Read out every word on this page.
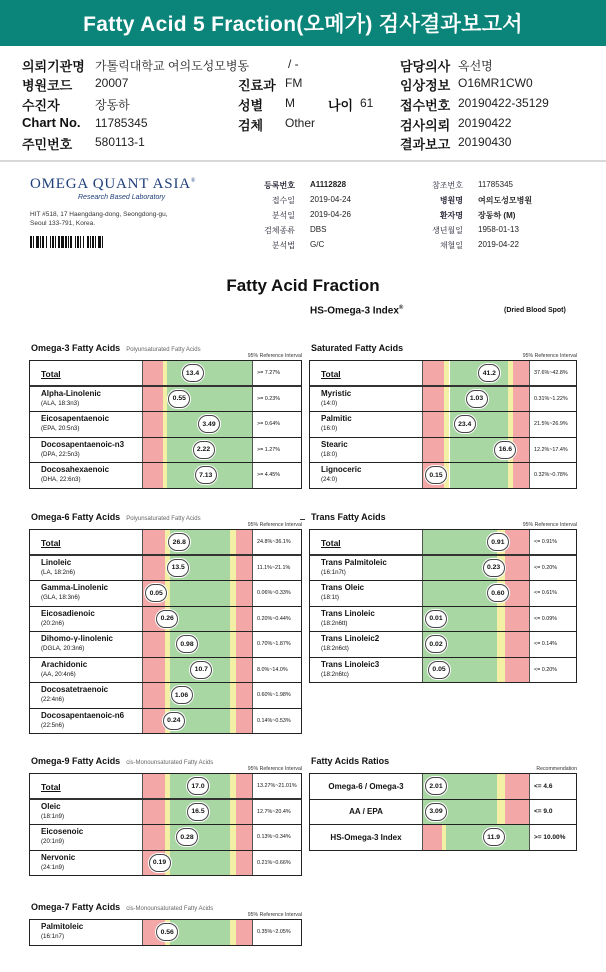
Fatty Acid 5 Fraction(오메가) 검사결과보고서
의뢰기관명 가톨릭대학교 여의도성모병동
병원코드 20007
수진자	장동하
Chart No. 11785345
주민번호 580113-1
/ -
진료과 FM
성별 M
검체 Other
나이 61
담당의사 옥선명
임상정보 O16MR1CW0
접수번호 20190422-35129
검사의뢰 20190422
결과보고 20190430
OMEGA QUANT ASIA®
Research Based Laboratory
HIT #518, 17 Haengdang-dong, Seongdong-gu,
Seoul 133-791, Korea.
등록번호 A1112828
접수일 2019-04-24
분석일 2019-04-26
검체종류 DBS
분석법 G/C
참조번호 11785345
병원명 여의도성모병원
환자명 장동하 (M)
생년월일 1958-01-13
채혈일 2019-04-22
Fatty Acid Fraction
HS-Omega-3 Index®	(Dried Blood Spot)
Omega-3 Fatty Acids Polyunsaturated Fatty Acids
95% Reference Interval
Total	13.4	>= 7.27%
Alpha-Linolenic
(ALA, 18:3n3)
0.55	>= 0.23%
Eicosapentaenoic
(EPA, 20:5n3)
3.49	>= 0.64%
Docosapentaenoic-n3
(DPA, 22:5n3)
2.22	>= 1.27%
Docosahexaenoic
(DHA, 22:6n3)
7.13	>= 4.45%
Saturated Fatty Acids
95% Reference Interval
Total	41.2	37.6%~42.8%
Myristic
(14:0)
1.03	0.31%~1.22%
Palmitic
(16:0)
23.4	21.5%~26.9%
Stearic
(18:0)
16.6	12.2%~17.4%
Lignoceric
(24:0)
0.15	0.32%~0.78%
Omega-6 Fatty Acids Polyunsaturated Fatty Acids
95% Reference Interval
Total	26.8	24.8%~36.1%
Linoleic
(LA, 18:2n6)
13.5	11.1%~21.1%
Gamma-Linolenic
(GLA, 18:3n6)
0.05	0.06%~0.33%
Eicosadienoic
(20:2n6)
0.26	0.20%~0.44%
Dihomo-γ-linolenic
(DGLA, 20:3n6)
0.98	0.70%~1.87%
Arachidonic
(AA, 20:4n6)
10.7	8.0%~14.0%
Docosatetraenoic
(22:4n6)
1.06	0.60%~1.98%
Docosapentaenoic-n6
(22:5n6)
0.24	0.14%~0.53%
Trans Fatty Acids
95% Reference Interval
Total	0.91	<= 0.91%
Trans Palmitoleic
(16:1n7t)
0.23	<= 0.20%
Trans Oleic
(18:1t)
0.60	<= 0.61%
Trans Linoleic
(18:2n6tt)
0.01	<= 0.09%
Trans Linoleic2
(18:2n6ct)
0.02	<= 0.14%
Trans Linoleic3
(18:2n6tc)
0.05	<= 0.20%
Omega-9 Fatty Acids cis-Monounsaturated Fatty Acids
95% Reference Interval
Total	17.0	13.27%~21.01%
Oleic
(18:1n9)
16.5	12.7%~20.4%
Eicosenoic
(20:1n9)
0.28	0.13%~0.34%
Nervonic
(24:1n9)
0.19	0.21%~0.66%
Fatty Acids Ratios
Recommendation
Omega-6 / Omega-3	2.01	<= 4.6
AA / EPA	3.09	<= 9.0
HS-Omega-3 Index	11.9	>= 10.00%
Omega-7 Fatty Acids cis-Monounsaturated Fatty Acids
95% Reference Interval
Palmitoleic
(16:1n7)
0.56	0.35%~2.05%
